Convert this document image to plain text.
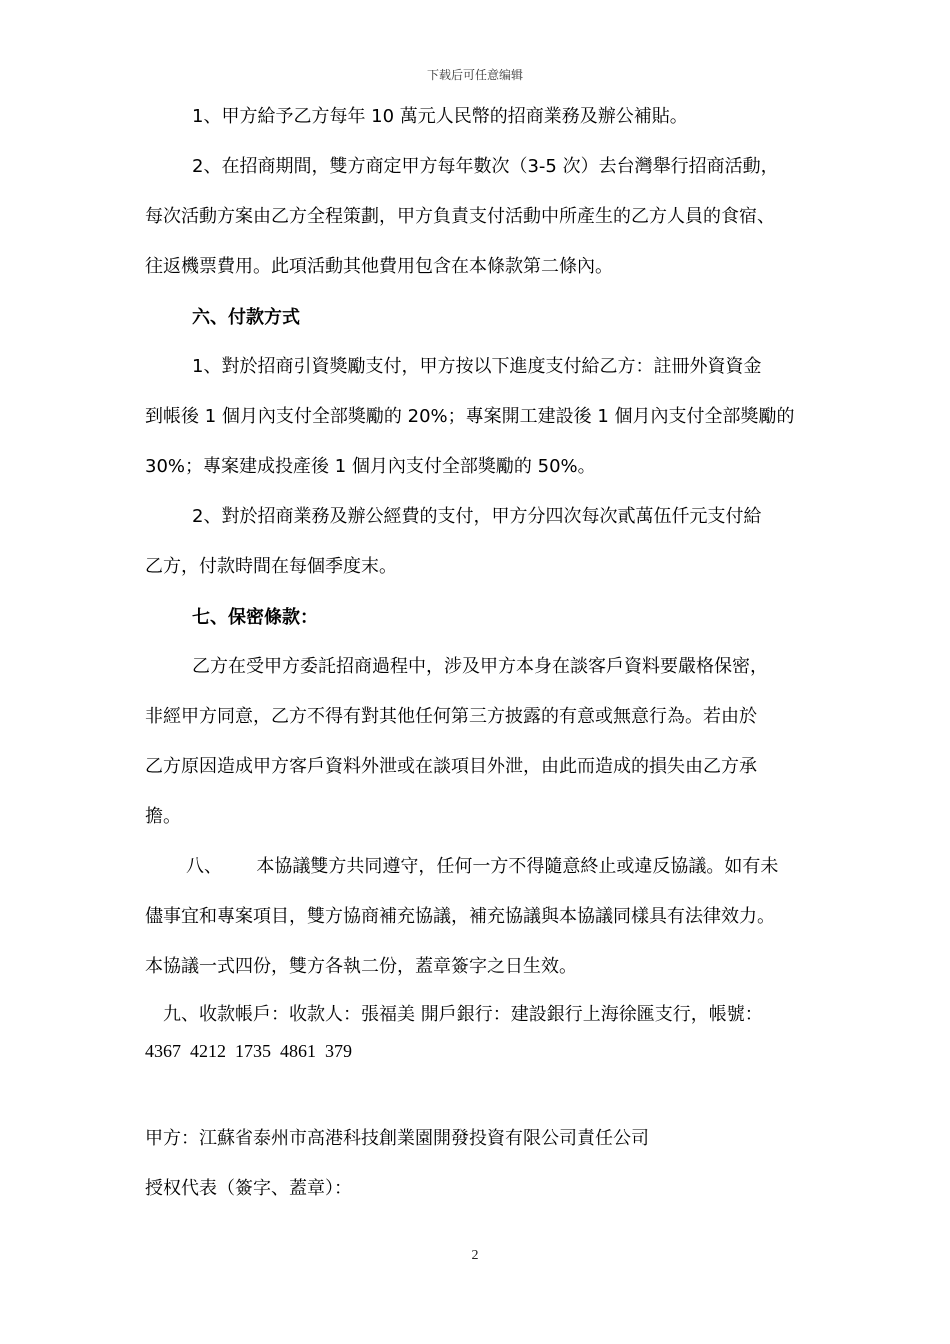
下载后可任意编辑
1、甲方給予乙方每年 10 萬元人民幣的招商業務及辦公補貼。
2、在招商期間，雙方商定甲方每年數次（3-5 次）去台灣舉行招商活動，
每次活動方案由乙方全程策劃，甲方負責支付活動中所產生的乙方人員的食宿、
往返機票費用。此項活動其他費用包含在本條款第二條內。
六、付款方式
1、對於招商引資獎勵支付，甲方按以下進度支付給乙方：註冊外資資金
到帳後 1 個月內支付全部獎勵的 20%；專案開工建設後 1 個月內支付全部獎勵的
30%；專案建成投產後 1 個月內支付全部獎勵的 50%。
2、對於招商業務及辦公經費的支付，甲方分四次每次貳萬伍仟元支付給
乙方，付款時間在每個季度末。
七、保密條款：
乙方在受甲方委託招商過程中，涉及甲方本身在談客戶資料要嚴格保密，
非經甲方同意，乙方不得有對其他任何第三方披露的有意或無意行為。若由於
乙方原因造成甲方客戶資料外泄或在談項目外泄，由此而造成的損失由乙方承
擔。
八、      本協議雙方共同遵守，任何一方不得隨意終止或違反協議。如有未
儘事宜和專案項目，雙方協商補充協議，補充協議與本協議同樣具有法律效力。
本協議一式四份，雙方各執二份，蓋章簽字之日生效。
九、收款帳戶：收款人：張福美 開戶銀行：建設銀行上海徐匯支行，帳號：
4367  4212  1735  4861  379
甲方：江蘇省泰州市高港科技創業園開發投資有限公司責任公司
授权代表（簽字、蓋章）：
2
